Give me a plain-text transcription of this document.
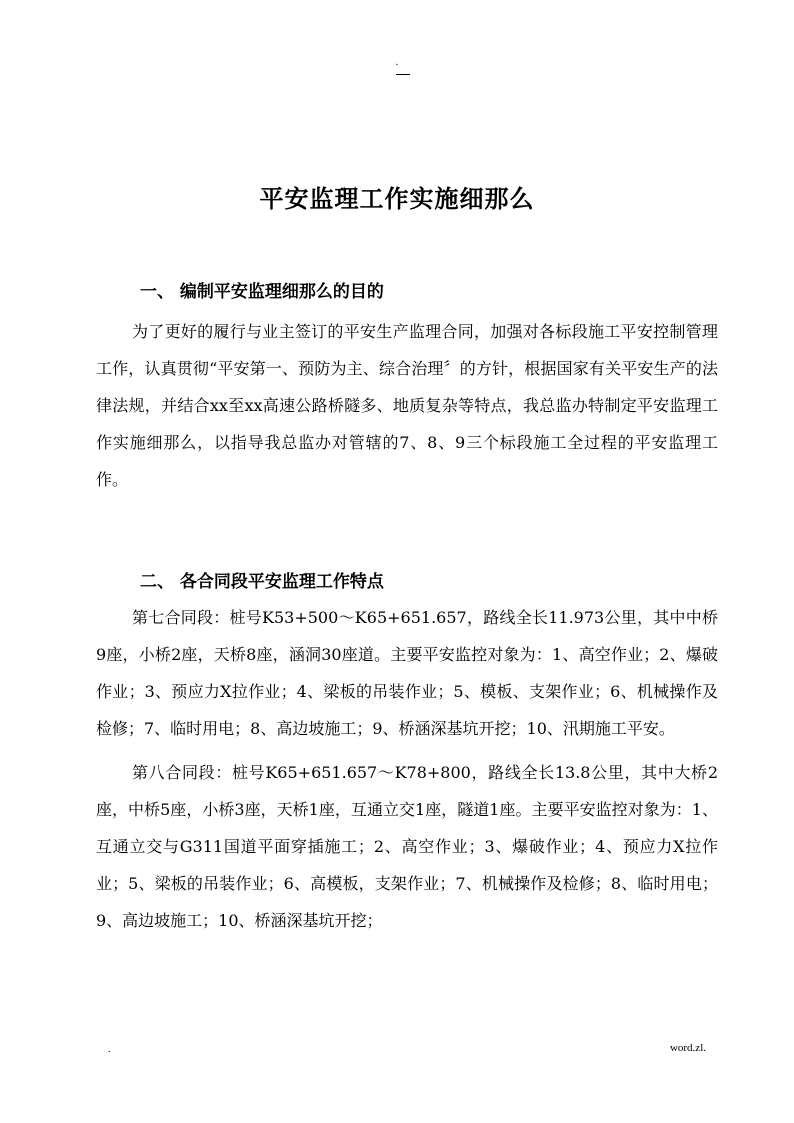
.
平安监理工作实施细那么
一、 编制平安监理细那么的目的

为了更好的履行与业主签订的平安生产监理合同，加强对各标段施工平安控制管理工作，认真贯彻“平安第一、预防为主、综合治理〞的方针，根据国家有关平安生产的法律法规，并结合xx至xx高速公路桥隧多、地质复杂等特点，我总监办特制定平安监理工作实施细那么，以指导我总监办对管辖的7、8、9三个标段施工全过程的平安监理工作。

二、 各合同段平安监理工作特点

第七合同段：桩号K53+500～K65+651.657，路线全长11.973公里，其中中桥9座，小桥2座，天桥8座，涵洞30座道。主要平安监控对象为：1、高空作业；2、爆破作业；3、预应力X拉作业；4、梁板的吊装作业；5、模板、支架作业；6、机械操作及检修；7、临时用电；8、高边坡施工；9、桥涵深基坑开挖；10、汛期施工平安。

第八合同段：桩号K65+651.657～K78+800，路线全长13.8公里，其中大桥2座，中桥5座，小桥3座，天桥1座，互通立交1座，隧道1座。主要平安监控对象为：1、互通立交与G311国道平面穿插施工；2、高空作业；3、爆破作业；4、预应力X拉作业；5、梁板的吊装作业；6、高模板，支架作业；7、机械操作及检修；8、临时用电；9、高边坡施工；10、桥涵深基坑开挖；

.	word.zl.
